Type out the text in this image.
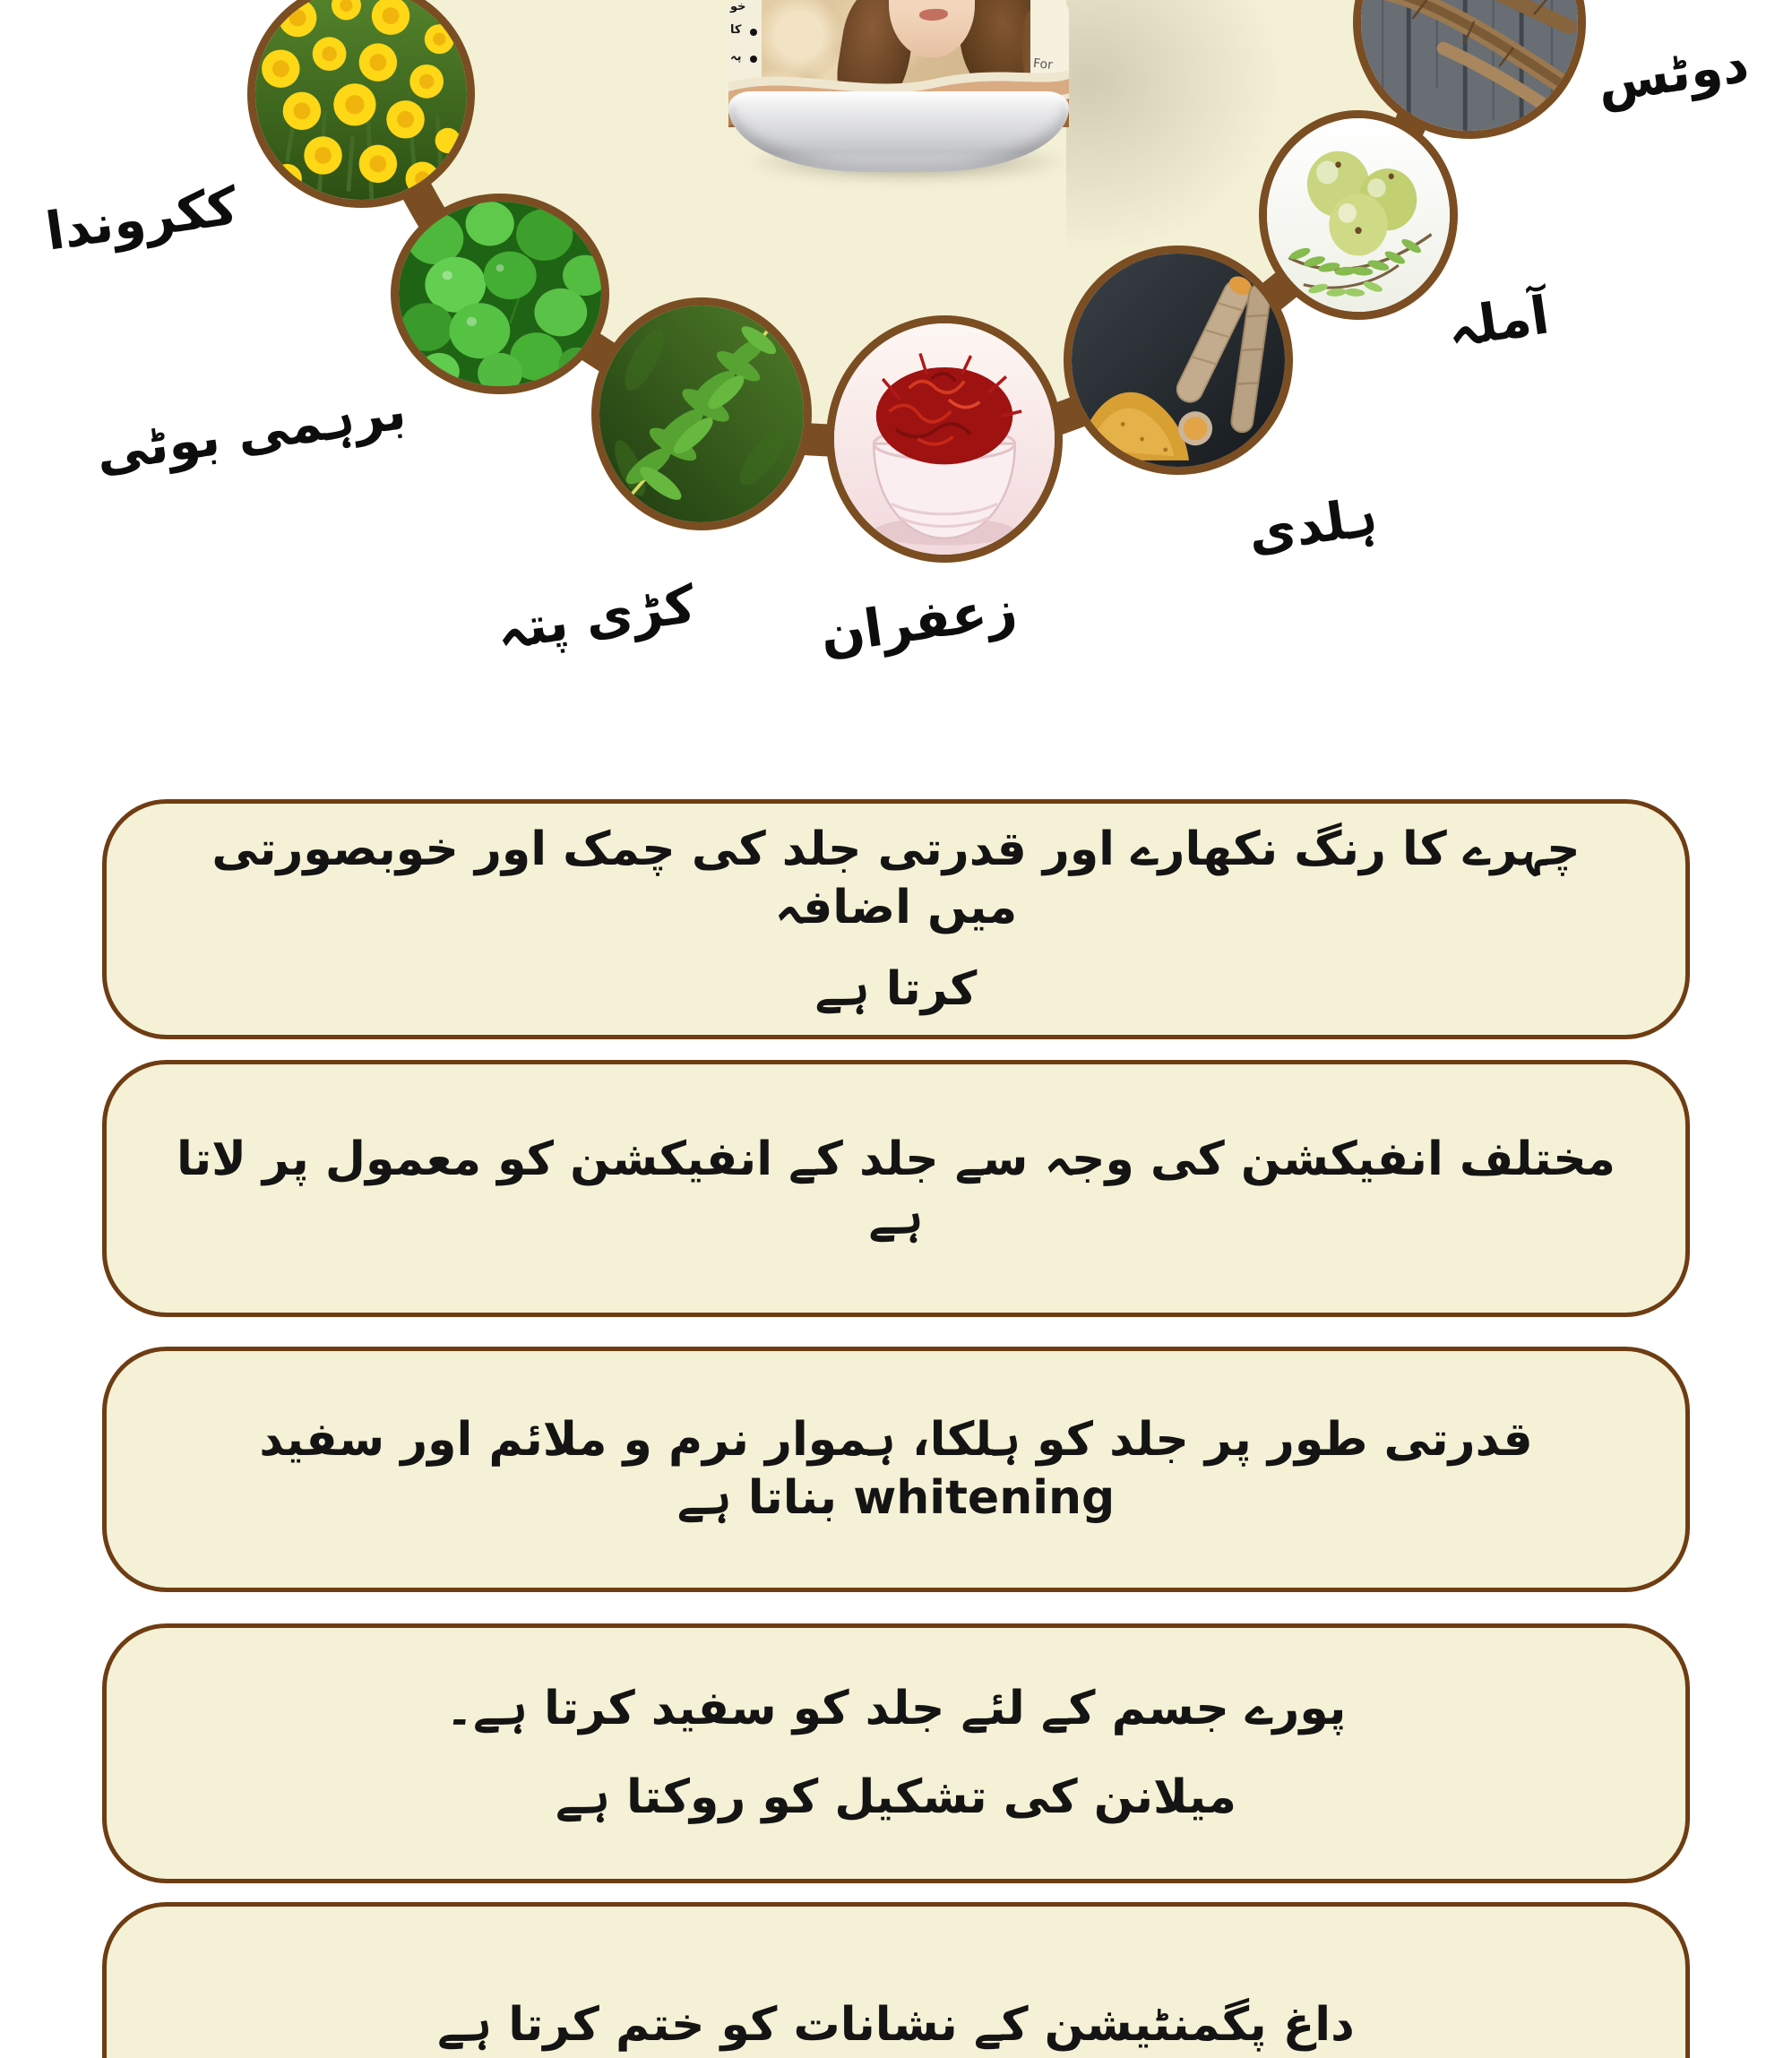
خو
کا
پہ	For
ککروندا
برہمی بوٹی
کڑی پتہ	زعفران
ہلدی
آملہ
دوٹس

چہرے کا رنگ نکھارے اور قدرتی جلد کی چمک اور خوبصورتی میں اضافہ

کرتا ہے

مختلف انفیکشن کی وجہ سے جلد کے انفیکشن کو معمول پر لاتا ہے

قدرتی طور پر جلد کو ہلکا، ہموار نرم و ملائم اور سفید whitening بناتا ہے

پورے جسم کے لئے جلد کو سفید کرتا ہے۔

میلانن کی تشکیل کو روکتا ہے

داغ پگمنٹیشن کے نشانات کو ختم کرتا ہے
